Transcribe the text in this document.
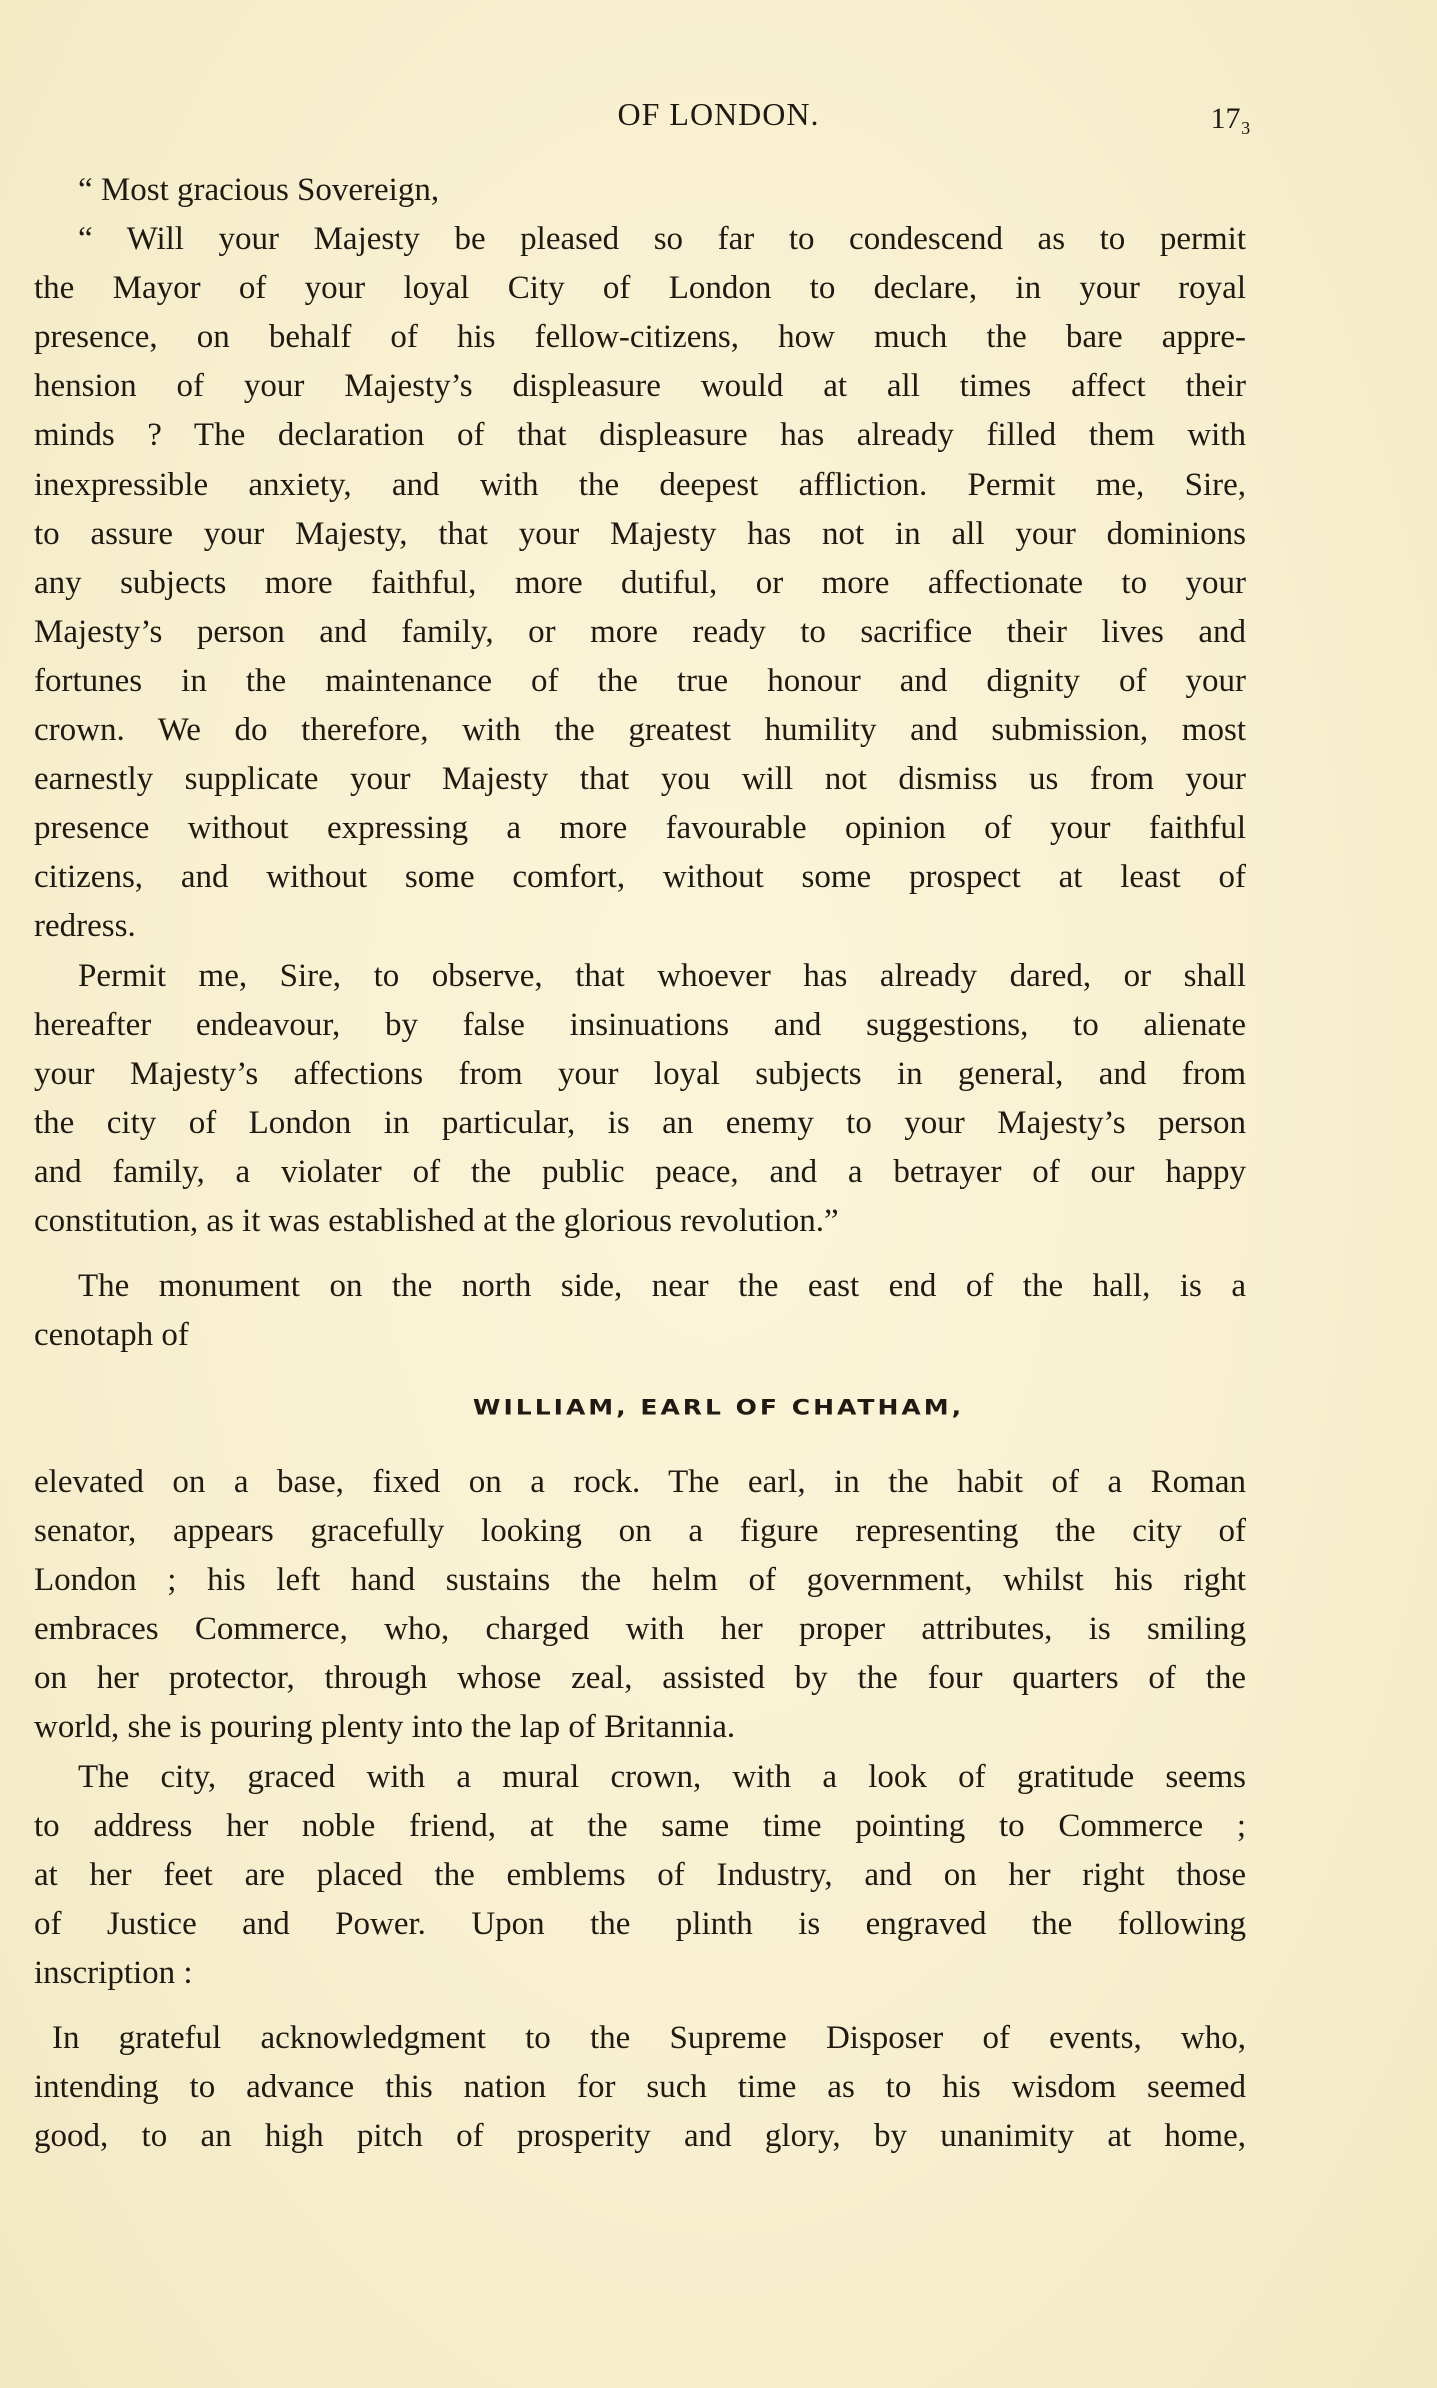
OF LONDON.	17₃
“ Most gracious Sovereign,
“ Will your Majesty be pleased so far to condescend as to permit
the Mayor of your loyal City of London to declare, in your royal
presence, on behalf of his fellow-citizens, how much the bare appre-
hension of your Majesty’s displeasure would at all times affect their
minds ? The declaration of that displeasure has already filled them with
inexpressible anxiety, and with the deepest affliction. Permit me, Sire,
to assure your Majesty, that your Majesty has not in all your dominions
any subjects more faithful, more dutiful, or more affectionate to your
Majesty’s person and family, or more ready to sacrifice their lives and
fortunes in the maintenance of the true honour and dignity of your
crown. We do therefore, with the greatest humility and submission, most
earnestly supplicate your Majesty that you will not dismiss us from your
presence without expressing a more favourable opinion of your faithful
citizens, and without some comfort, without some prospect at least of
redress.
Permit me, Sire, to observe, that whoever has already dared, or shall
hereafter endeavour, by false insinuations and suggestions, to alienate
your Majesty’s affections from your loyal subjects in general, and from
the city of London in particular, is an enemy to your Majesty’s person
and family, a violater of the public peace, and a betrayer of our happy
constitution, as it was established at the glorious revolution.”
The monument on the north side, near the east end of the hall, is a
cenotaph of
WILLIAM, EARL OF CHATHAM,
elevated on a base, fixed on a rock. The earl, in the habit of a Roman
senator, appears gracefully looking on a figure representing the city of
London ; his left hand sustains the helm of government, whilst his right
embraces Commerce, who, charged with her proper attributes, is smiling
on her protector, through whose zeal, assisted by the four quarters of the
world, she is pouring plenty into the lap of Britannia.
The city, graced with a mural crown, with a look of gratitude seems
to address her noble friend, at the same time pointing to Commerce ;
at her feet are placed the emblems of Industry, and on her right those
of Justice and Power. Upon the plinth is engraved the following
inscription :
In grateful acknowledgment to the Supreme Disposer of events, who,
intending to advance this nation for such time as to his wisdom seemed
good, to an high pitch of prosperity and glory, by unanimity at home,
